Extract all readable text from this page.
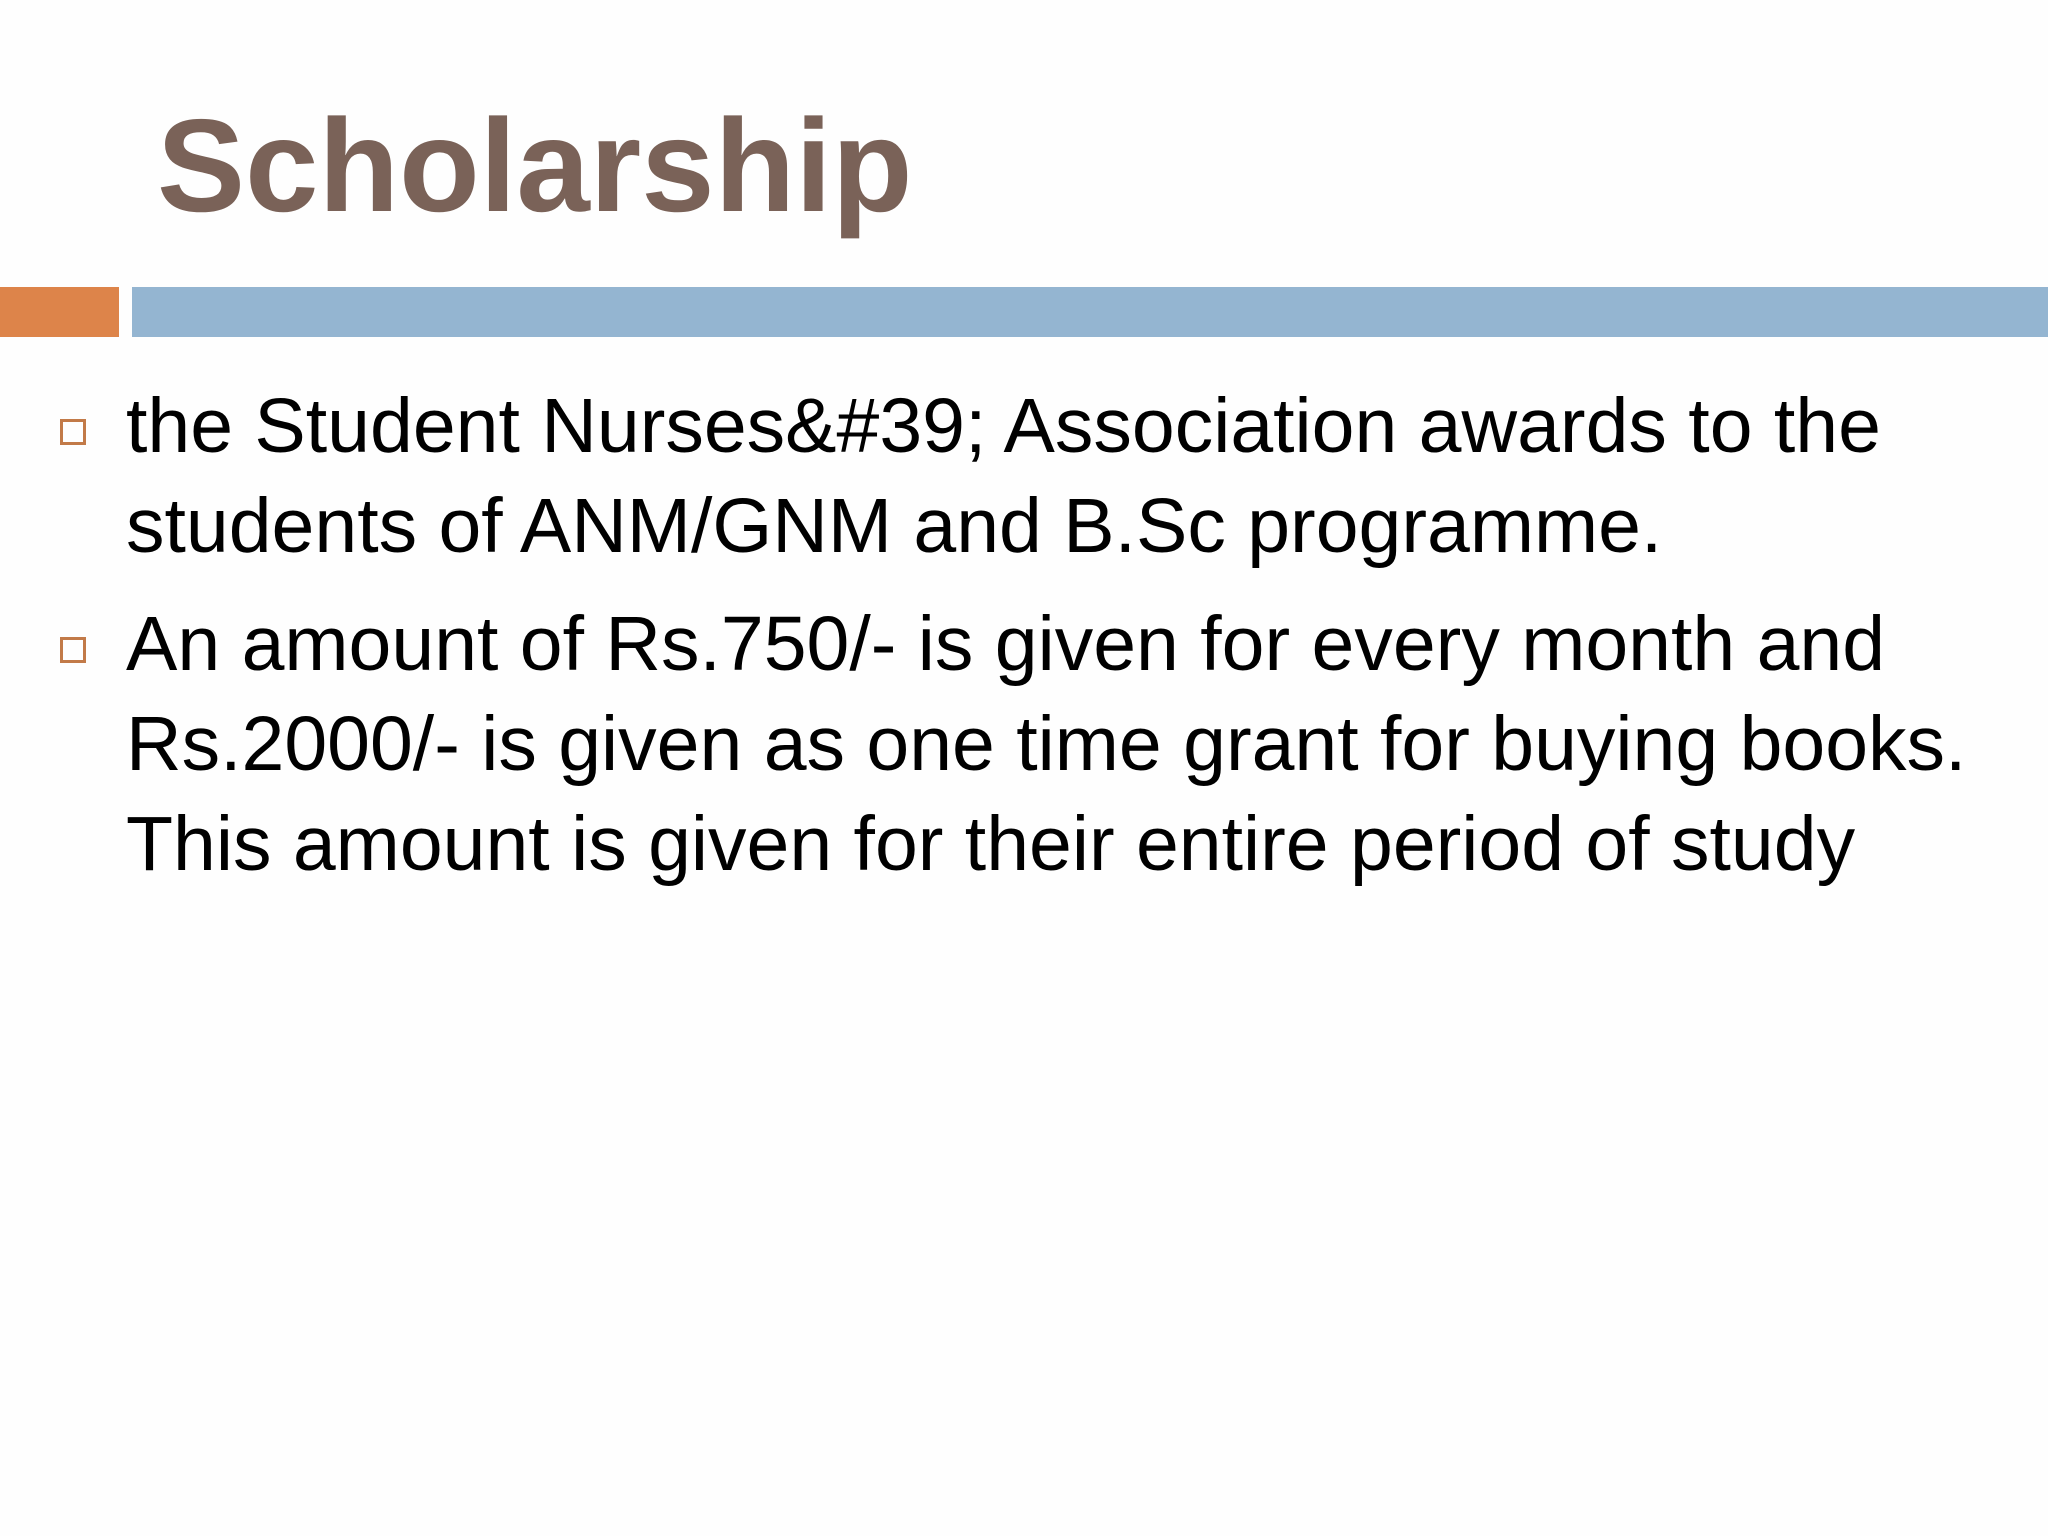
Scholarship
the Student Nurses&#39; Association awards to the students of ANM/GNM and B.Sc programme.
An amount of Rs.750/- is given for every month and Rs.2000/- is given as one time grant for buying books. This amount is given for their entire period of study
